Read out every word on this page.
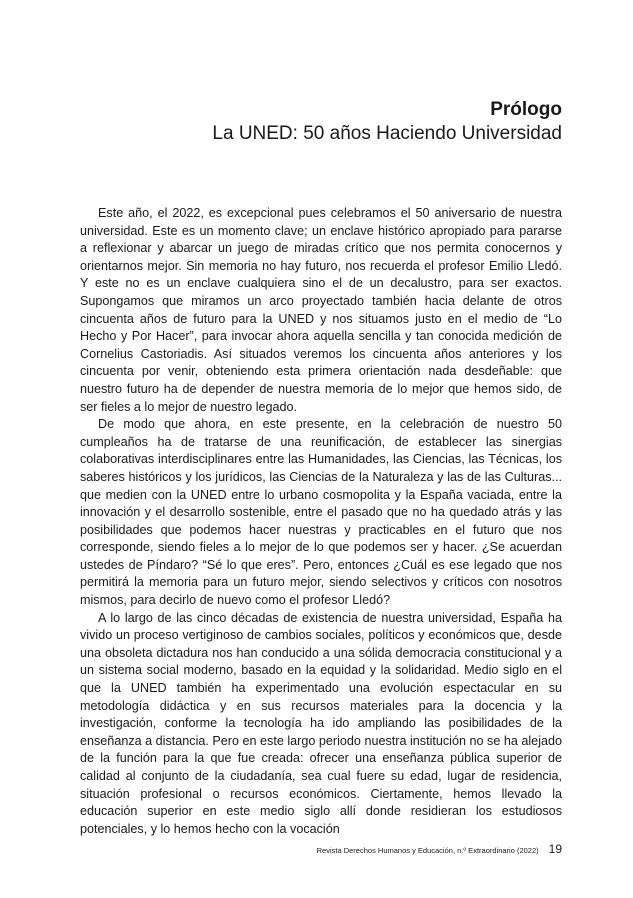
Prólogo
La UNED: 50 años Haciendo Universidad

Este año, el 2022, es excepcional pues celebramos el 50 aniversario de nuestra universidad. Este es un momento clave; un enclave histórico apropiado para pararse a reflexionar y abarcar un juego de miradas crítico que nos permita conocernos y orientarnos mejor. Sin memoria no hay futuro, nos recuerda el profesor Emilio Lledó. Y este no es un enclave cualquiera sino el de un decalustro, para ser exactos. Supongamos que miramos un arco proyectado también hacia delante de otros cincuenta años de futuro para la UNED y nos situamos justo en el medio de “Lo Hecho y Por Hacer”, para invocar ahora aquella sencilla y tan conocida medición de Cornelius Castoriadis. Así situados veremos los cincuenta años anteriores y los cincuenta por venir, obteniendo esta primera orientación nada desdeñable: que nuestro futuro ha de depender de nuestra memoria de lo mejor que hemos sido, de ser fieles a lo mejor de nuestro legado.

De modo que ahora, en este presente, en la celebración de nuestro 50 cumpleaños ha de tratarse de una reunificación, de establecer las sinergias colaborativas interdisciplinares entre las Humanidades, las Ciencias, las Técnicas, los saberes históricos y los jurídicos, las Ciencias de la Naturaleza y las de las Culturas... que medien con la UNED entre lo urbano cosmopolita y la España vaciada, entre la innovación y el desarrollo sostenible, entre el pasado que no ha quedado atrás y las posibilidades que podemos hacer nuestras y practicables en el futuro que nos corresponde, siendo fieles a lo mejor de lo que podemos ser y hacer. ¿Se acuerdan ustedes de Píndaro? “Sé lo que eres”. Pero, entonces ¿Cuál es ese legado que nos permitirá la memoria para un futuro mejor, siendo selectivos y críticos con nosotros mismos, para decirlo de nuevo como el profesor Lledó?

A lo largo de las cinco décadas de existencia de nuestra universidad, España ha vivido un proceso vertiginoso de cambios sociales, políticos y económicos que, desde una obsoleta dictadura nos han conducido a una sólida democracia constitucional y a un sistema social moderno, basado en la equidad y la solidaridad. Medio siglo en el que la UNED también ha experimentado una evolución espectacular en su metodología didáctica y en sus recursos materiales para la docencia y la investigación, conforme la tecnología ha ido ampliando las posibilidades de la enseñanza a distancia. Pero en este largo periodo nuestra institución no se ha alejado de la función para la que fue creada: ofrecer una enseñanza pública superior de calidad al conjunto de la ciudadanía, sea cual fuere su edad, lugar de residencia, situación profesional o recursos económicos. Ciertamente, hemos llevado la educación superior en este medio siglo allí donde residieran los estudiosos potenciales, y lo hemos hecho con la vocación

Revista Derechos Humanos y Educación, n.º Extraordinario (2022) 19
